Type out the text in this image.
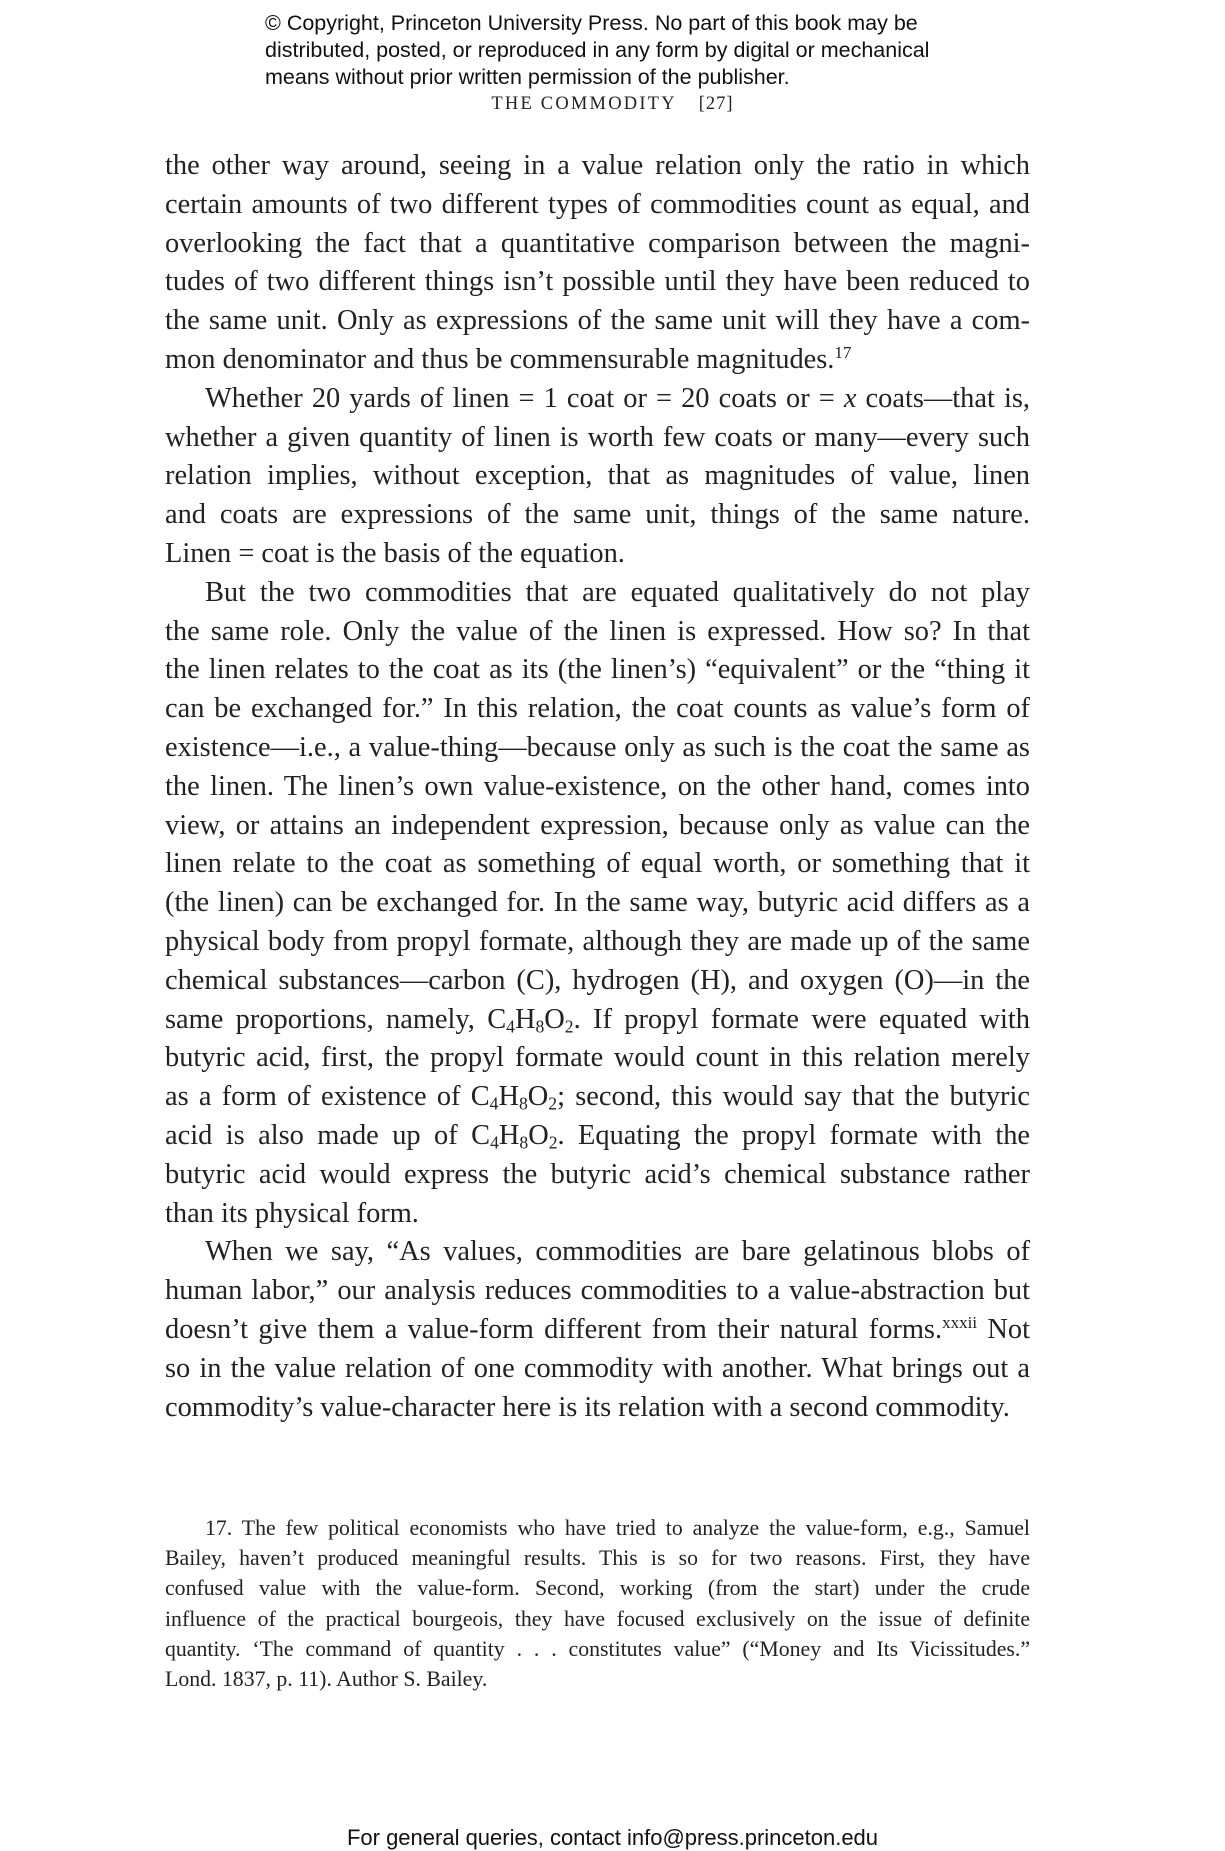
© Copyright, Princeton University Press. No part of this book may be
distributed, posted, or reproduced in any form by digital or mechanical
means without prior written permission of the publisher.
THE COMMODITY [27]
the other way around, seeing in a value relation only the ratio in which
certain amounts of two different types of commodities count as equal, and
overlooking the fact that a quantitative comparison between the magni-
tudes of two different things isn’t possible until they have been reduced to
the same unit. Only as expressions of the same unit will they have a com-
mon denominator and thus be commensurable magnitudes.$^{17}$
Whether 20 yards of linen = 1 coat or = 20 coats or = x coats—that is,
whether a given quantity of linen is worth few coats or many—every such
relation implies, without exception, that as magnitudes of value, linen
and coats are expressions of the same unit, things of the same nature.
Linen = coat is the basis of the equation.
But the two commodities that are equated qualitatively do not play
the same role. Only the value of the linen is expressed. How so? In that
the linen relates to the coat as its (the linen’s) “equivalent” or the “thing it
can be exchanged for.” In this relation, the coat counts as value’s form of
existence—i.e., a value-thing—because only as such is the coat the same as
the linen. The linen’s own value-existence, on the other hand, comes into
view, or attains an independent expression, because only as value can the
linen relate to the coat as something of equal worth, or something that it
(the linen) can be exchanged for. In the same way, butyric acid differs as a
physical body from propyl formate, although they are made up of the same
chemical substances—carbon (C), hydrogen (H), and oxygen (O)—in the
same proportions, namely, $C_4H_8O_2$. If propyl formate were equated with
butyric acid, first, the propyl formate would count in this relation merely
as a form of existence of $C_4H_8O_2$; second, this would say that the butyric
acid is also made up of $C_4H_8O_2$. Equating the propyl formate with the
butyric acid would express the butyric acid’s chemical substance rather
than its physical form.
When we say, “As values, commodities are bare gelatinous blobs of
human labor,” our analysis reduces commodities to a value-abstraction but
doesn’t give them a value-form different from their natural forms.$^{xxxii}$ Not
so in the value relation of one commodity with another. What brings out a
commodity’s value-character here is its relation with a second commodity.
17. The few political economists who have tried to analyze the value-form, e.g., Samuel
Bailey, haven’t produced meaningful results. This is so for two reasons. First, they have
confused value with the value-form. Second, working (from the start) under the crude
influence of the practical bourgeois, they have focused exclusively on the issue of definite
quantity. ‘The command of quantity . . . constitutes value” (“Money and Its Vicissitudes.”
Lond. 1837, p. 11). Author S. Bailey.
For general queries, contact info@press.princeton.edu
